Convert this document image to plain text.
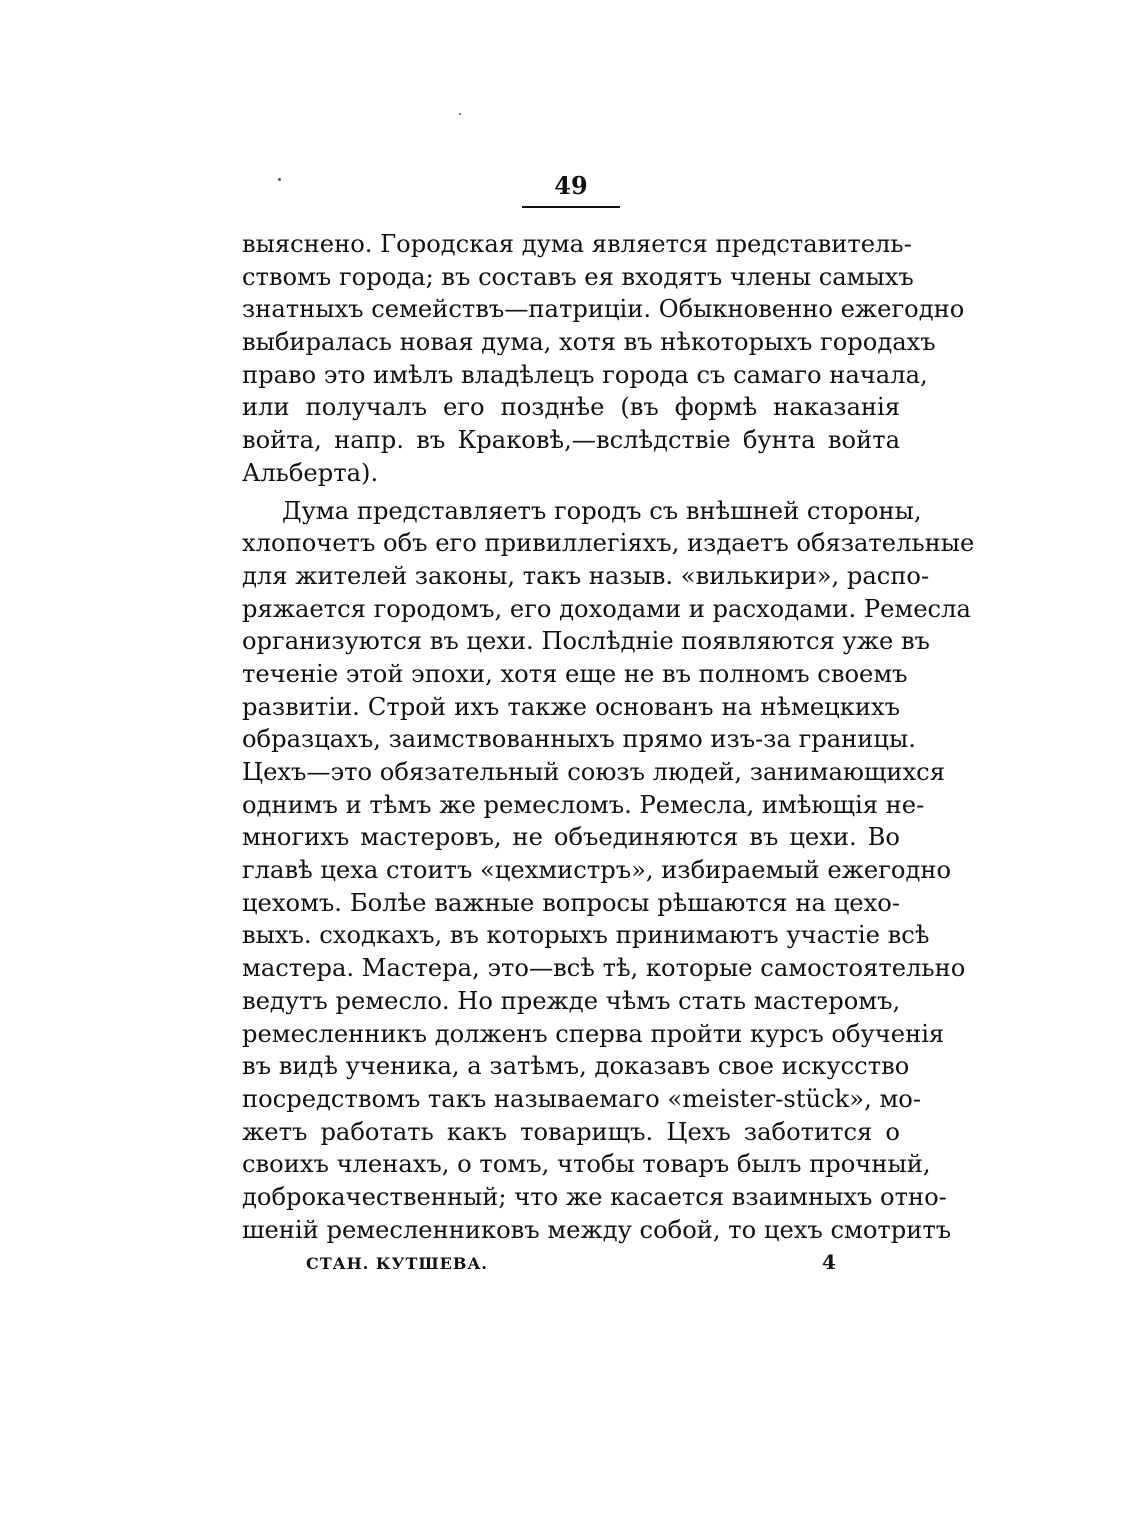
49
выяснено. Городская дума является представитель-
ствомъ города; въ составъ ея входятъ члены самыхъ
знатныхъ семействъ—патриціи. Обыкновенно ежегодно
выбиралась новая дума, хотя въ нѣкоторыхъ городахъ
право это имѣлъ владѣлецъ города съ самаго начала,
или получалъ его позднѣе (въ формѣ наказанія
войта, напр. въ Краковѣ,—вслѣдствіе бунта войта
Альберта).
Дума представляетъ городъ съ внѣшней стороны,
хлопочетъ объ его привиллегіяхъ, издаетъ обязательные
для жителей законы, такъ назыв. «вилькири», распо-
ряжается городомъ, его доходами и расходами. Ремесла
организуются въ цехи. Послѣдніе появляются уже въ
теченіе этой эпохи, хотя еще не въ полномъ своемъ
развитіи. Строй ихъ также основанъ на нѣмецкихъ
образцахъ, заимствованныхъ прямо изъ-за границы.
Цехъ—это обязательный союзъ людей, занимающихся
однимъ и тѣмъ же ремесломъ. Ремесла, имѣющія не-
многихъ мастеровъ, не объединяются въ цехи. Во
главѣ цеха стоитъ «цехмистръ», избираемый ежегодно
цехомъ. Болѣе важные вопросы рѣшаются на цехо-
выхъ. сходкахъ, въ которыхъ принимаютъ участіе всѣ
мастера. Мастера, это—всѣ тѣ, которые самостоятельно
ведутъ ремесло. Но прежде чѣмъ стать мастеромъ,
ремесленникъ долженъ сперва пройти курсъ обученія
въ видѣ ученика, а затѣмъ, доказавъ свое искусство
посредствомъ такъ называемаго «meister-stück», мо-
жетъ работать какъ товарищъ. Цехъ заботится о
своихъ членахъ, о томъ, чтобы товаръ былъ прочный,
доброкачественный; что же касается взаимныхъ отно-
шеній ремесленниковъ между собой, то цехъ смотритъ
СТАН. КУТШЕВА.	4
